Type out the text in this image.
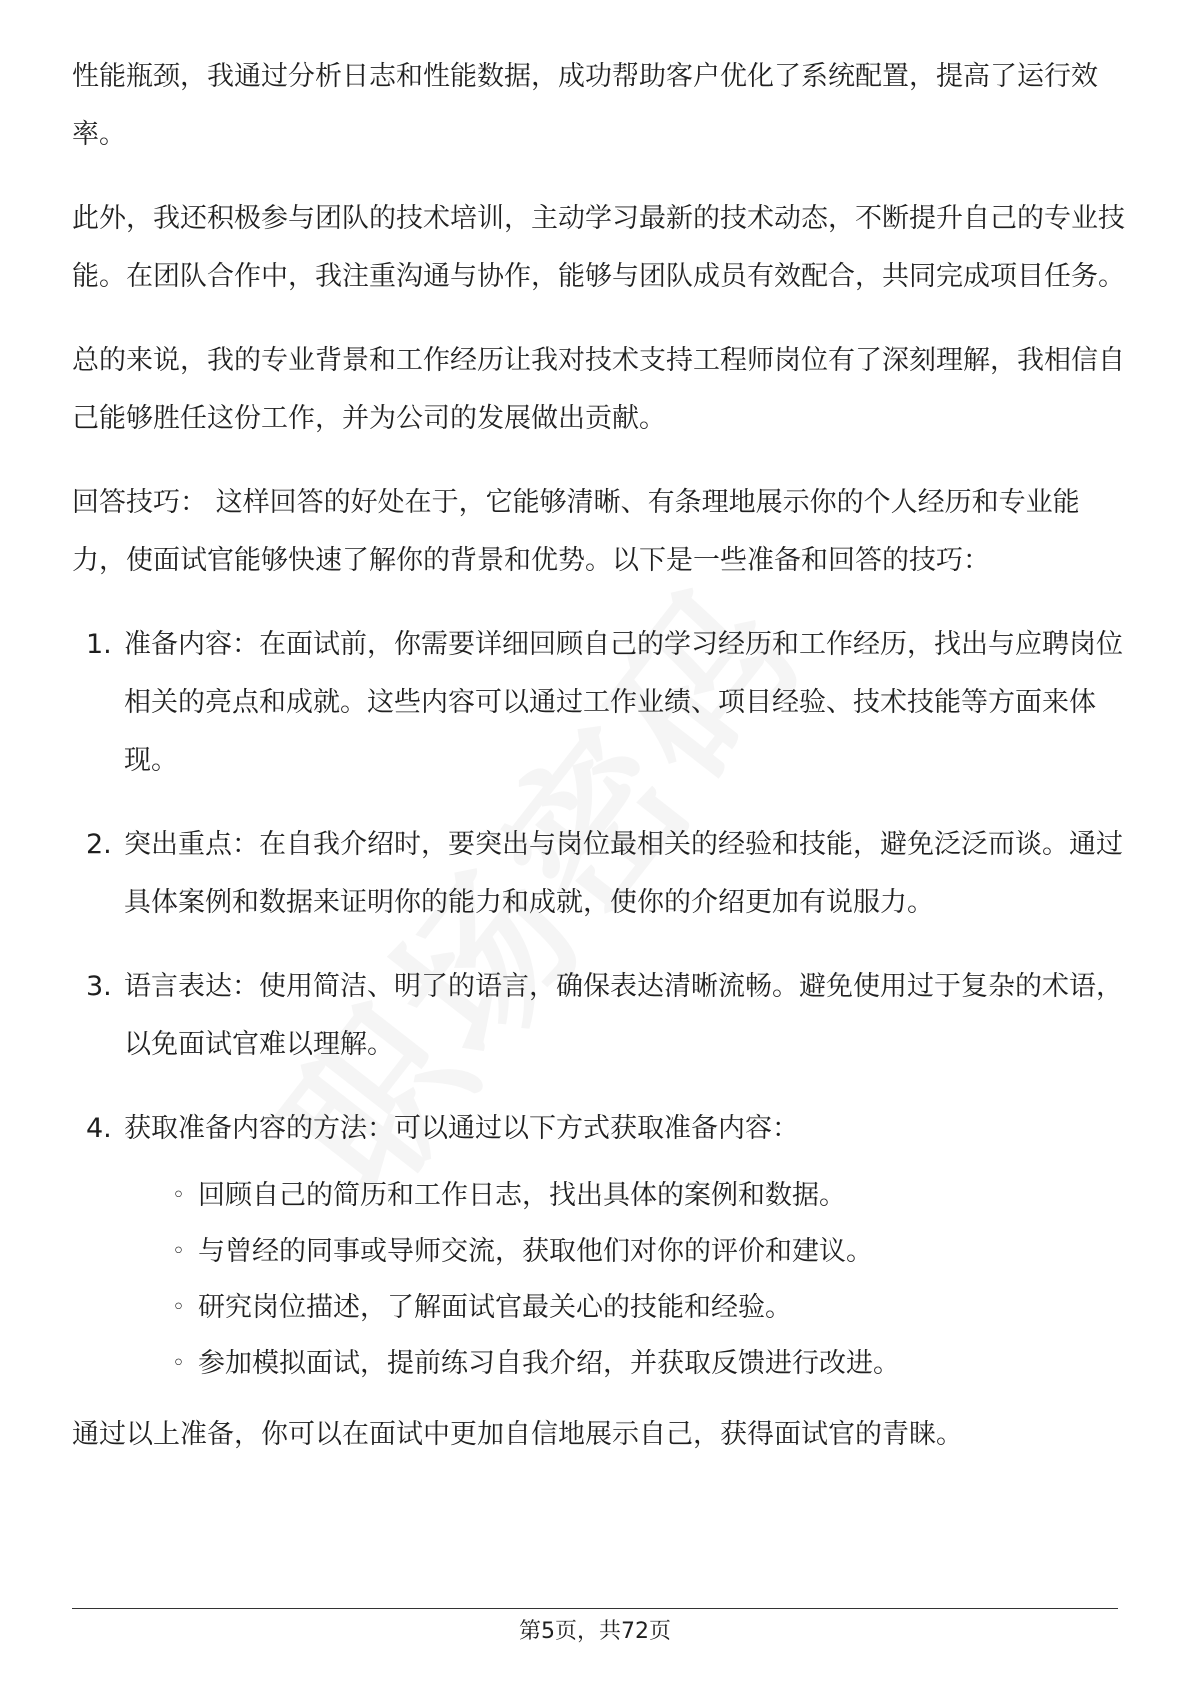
性能瓶颈，我通过分析日志和性能数据，成功帮助客户优化了系统配置，提高了运行效率。

此外，我还积极参与团队的技术培训，主动学习最新的技术动态，不断提升自己的专业技能。在团队合作中，我注重沟通与协作，能够与团队成员有效配合，共同完成项目任务。

总的来说，我的专业背景和工作经历让我对技术支持工程师岗位有了深刻理解，我相信自己能够胜任这份工作，并为公司的发展做出贡献。

回答技巧： 这样回答的好处在于，它能够清晰、有条理地展示你的个人经历和专业能力，使面试官能够快速了解你的背景和优势。以下是一些准备和回答的技巧：

1. 准备内容：在面试前，你需要详细回顾自己的学习经历和工作经历，找出与应聘岗位相关的亮点和成就。这些内容可以通过工作业绩、项目经验、技术技能等方面来体现。
2. 突出重点：在自我介绍时，要突出与岗位最相关的经验和技能，避免泛泛而谈。通过具体案例和数据来证明你的能力和成就，使你的介绍更加有说服力。
3. 语言表达：使用简洁、明了的语言，确保表达清晰流畅。避免使用过于复杂的术语，以免面试官难以理解。
4. 获取准备内容的方法：可以通过以下方式获取准备内容：
◦ 回顾自己的简历和工作日志，找出具体的案例和数据。
◦ 与曾经的同事或导师交流，获取他们对你的评价和建议。
◦ 研究岗位描述，了解面试官最关心的技能和经验。
◦ 参加模拟面试，提前练习自我介绍，并获取反馈进行改进。

通过以上准备，你可以在面试中更加自信地展示自己，获得面试官的青睐。

第5页，共72页
